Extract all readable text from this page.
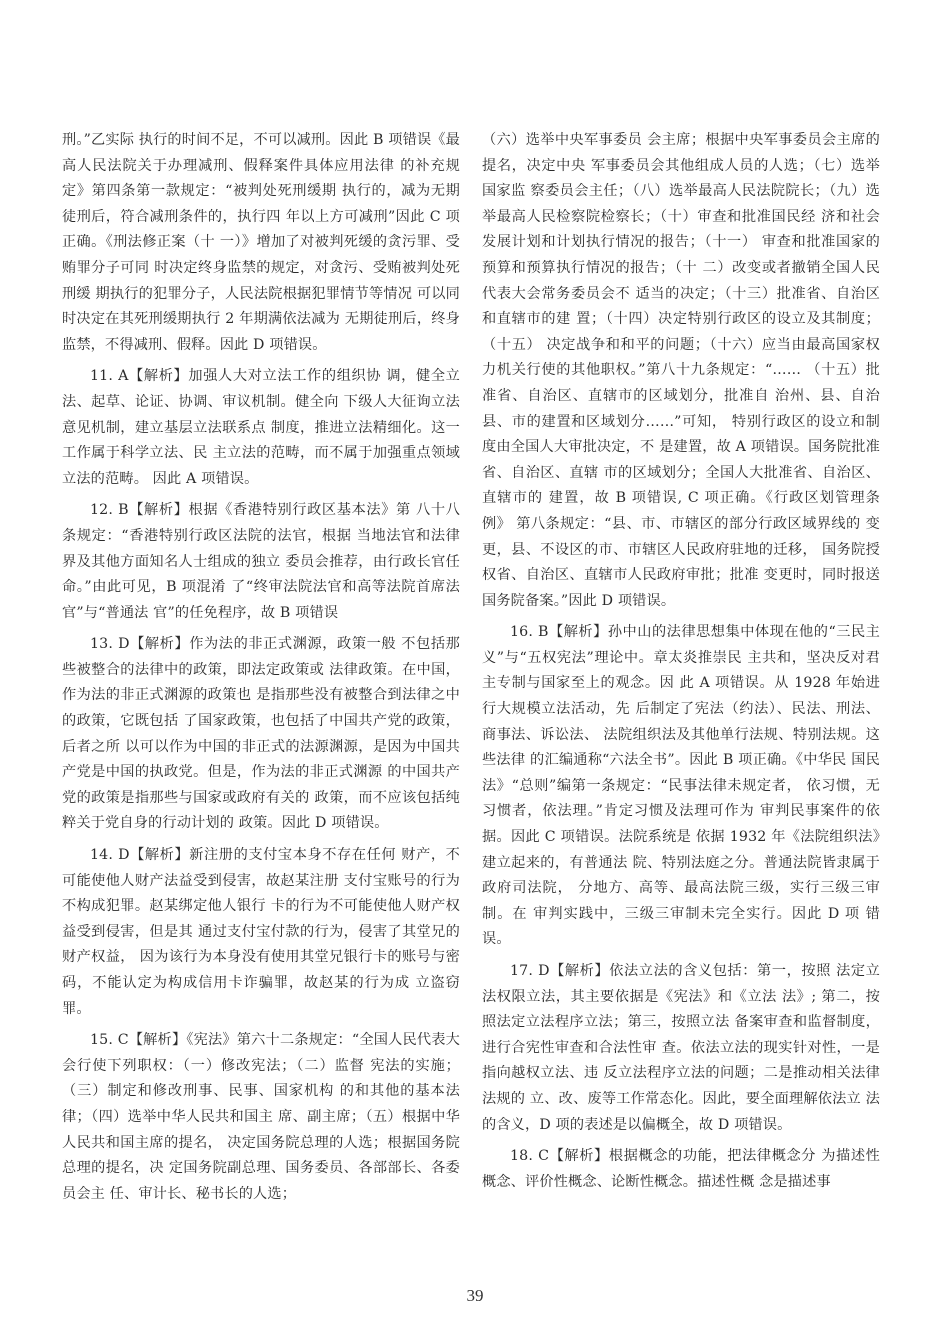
刑。”乙实际 执行的时间不足，不可以减刑。因此 B 项错误《最 高人民法院关于办理减刑、假释案件具体应用法律 的补充规定》第四条第一款规定：“被判处死刑缓期 执行的，减为无期徒刑后，符合减刑条件的，执行四 年以上方可减刑”因此 C 项正确。《刑法修正案（十 一）》增加了对被判死缓的贪污罪、受贿罪分子可同 时决定终身监禁的规定，对贪污、受贿被判处死刑缓 期执行的犯罪分子，人民法院根据犯罪情节等情况 可以同时决定在其死刑缓期执行 2 年期满依法减为 无期徒刑后，终身监禁，不得减刑、假释。因此 D 项错误。

11. A【解析】加强人大对立法工作的组织协 调，健全立法、起草、论证、协调、审议机制。健全向 下级人大征询立法意见机制，建立基层立法联系点 制度，推进立法精细化。这一工作属于科学立法、民 主立法的范畴，而不属于加强重点领域立法的范畴。 因此 A 项错误。

12. B【解析】根据《香港特别行政区基本法》第 八十八条规定：“香港特别行政区法院的法官，根据 当地法官和法律界及其他方面知名人士组成的独立 委员会推荐，由行政长官任命。”由此可见，B 项混淆 了“终审法院法官和高等法院首席法官”与“普通法 官”的任免程序，故 B 项错误

13. D【解析】作为法的非正式渊源，政策一般 不包括那些被整合的法律中的政策，即法定政策或 法律政策。在中国，作为法的非正式渊源的政策也 是指那些没有被整合到法律之中的政策，它既包括 了国家政策，也包括了中国共产党的政策，后者之所 以可以作为中国的非正式的法源渊源，是因为中国共 产党是中国的执政党。但是，作为法的非正式渊源 的中国共产党的政策是指那些与国家或政府有关的 政策，而不应该包括纯粹关于党自身的行动计划的 政策。因此 D 项错误。

14. D【解析】新注册的支付宝本身不存在任何 财产，不可能使他人财产法益受到侵害，故赵某注册 支付宝账号的行为不构成犯罪。赵某绑定他人银行 卡的行为不可能使他人财产权益受到侵害，但是其 通过支付宝付款的行为，侵害了其堂兄的财产权益， 因为该行为本身没有使用其堂兄银行卡的账号与密 码，不能认定为构成信用卡诈骗罪，故赵某的行为成 立盗窃罪。

15. C【解析】《宪法》第六十二条规定：“全国人民代表大会行使下列职权：（一）修改宪法；（二）监督 宪法的实施；（三）制定和修改刑事、民事、国家机构 的和其他的基本法律；（四）选举中华人民共和国主 席、副主席；（五）根据中华人民共和国主席的提名， 决定国务院总理的人选；根据国务院总理的提名，决 定国务院副总理、国务委员、各部部长、各委员会主 任、审计长、秘书长的人选；

（六）选举中央军事委员 会主席；根据中央军事委员会主席的提名，决定中央 军事委员会其他组成人员的人选；（七）选举国家监 察委员会主任；（八）选举最高人民法院院长；（九）选 举最高人民检察院检察长；（十）审查和批准国民经 济和社会发展计划和计划执行情况的报告；（十一） 审查和批准国家的预算和预算执行情况的报告；（十 二）改变或者撤销全国人民代表大会常务委员会不 适当的决定；（十三）批准省、自治区和直辖市的建 置；（十四）决定特别行政区的设立及其制度；（十五） 决定战争和和平的问题；（十六）应当由最高国家权 力机关行使的其他职权。”第八十九条规定：“…… （十五）批准省、自治区、直辖市的区域划分，批准自 治州、县、自治县、市的建置和区域划分……”可知， 特别行政区的设立和制度由全国人大审批决定，不 是建置，故 A 项错误。国务院批准省、自治区、直辖 市的区域划分；全国人大批准省、自治区、直辖市的 建置，故 B 项错误, C 项正确。《行政区划管理条例》 第八条规定：“县、市、市辖区的部分行政区域界线的 变更，县、不设区的市、市辖区人民政府驻地的迁移， 国务院授权省、自治区、直辖市人民政府审批；批准 变更时，同时报送国务院备案。”因此 D 项错误。

16. B【解析】孙中山的法律思想集中体现在他的“三民主义”与“五权宪法”理论中。章太炎推崇民 主共和，坚决反对君主专制与国家至上的观念。因 此 A 项错误。从 1928 年始进行大规模立法活动，先 后制定了宪法（约法）、民法、刑法、商事法、诉讼法、 法院组织法及其他单行法规、特别法规。这些法律 的汇编通称“六法全书”。因此 B 项正确。《中华民 国民法》“总则”编第一条规定：“民事法律未规定者， 依习惯，无习惯者，依法理。”肯定习惯及法理可作为 审判民事案件的依据。因此 C 项错误。法院系统是 依据 1932 年《法院组织法》建立起来的，有普通法 院、特别法庭之分。普通法院皆隶属于政府司法院， 分地方、高等、最高法院三级，实行三级三审制。在 审判实践中，三级三审制未完全实行。因此 D 项 错误。

17. D【解析】依法立法的含义包括：第一，按照 法定立法权限立法，其主要依据是《宪法》和《立法 法》; 第二，按照法定立法程序立法；第三，按照立法 备案审查和监督制度，进行合宪性审查和合法性审 查。依法立法的现实针对性，一是指向越权立法、违 反立法程序立法的问题；二是推动相关法律法规的 立、改、废等工作常态化。因此，要全面理解依法立 法的含义，D 项的表述是以偏概全，故 D 项错误。

18. C【解析】根据概念的功能，把法律概念分 为描述性概念、评价性概念、论断性概念。描述性概 念是描述事

39
